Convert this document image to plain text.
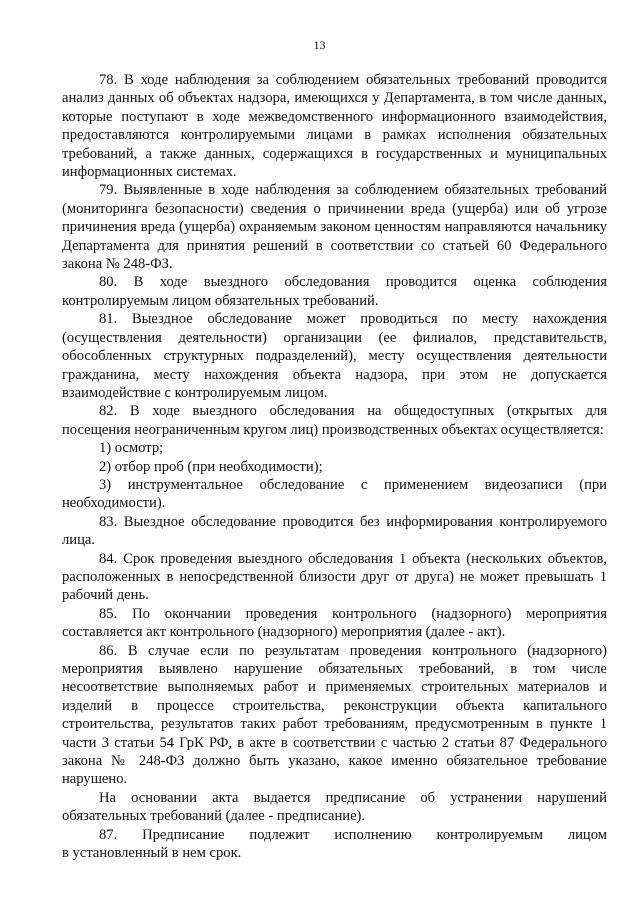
13

78. В ходе наблюдения за соблюдением обязательных требований проводится анализ данных об объектах надзора, имеющихся у Департамента, в том числе данных, которые поступают в ходе межведомственного информационного взаимодействия, предоставляются контролируемыми лицами в рамках исполнения обязательных требований, а также данных, содержащихся в государственных и муниципальных информационных системах.

79. Выявленные в ходе наблюдения за соблюдением обязательных требований (мониторинга безопасности) сведения о причинении вреда (ущерба) или об угрозе причинения вреда (ущерба) охраняемым законом ценностям направляются начальнику Департамента для принятия решений в соответствии со статьей 60 Федерального закона № 248-ФЗ.

80. В ходе выездного обследования проводится оценка соблюдения контролируемым лицом обязательных требований.

81. Выездное обследование может проводиться по месту нахождения (осуществления деятельности) организации (ее филиалов, представительств, обособленных структурных подразделений), месту осуществления деятельности гражданина, месту нахождения объекта надзора, при этом не допускается взаимодействие с контролируемым лицом.

82. В ходе выездного обследования на общедоступных (открытых для посещения неограниченным кругом лиц) производственных объектах осуществляется:

1) осмотр;

2) отбор проб (при необходимости);

3) инструментальное обследование с применением видеозаписи (при необходимости).

83. Выездное обследование проводится без информирования контролируемого лица.

84. Срок проведения выездного обследования 1 объекта (нескольких объектов, расположенных в непосредственной близости друг от друга) не может превышать 1 рабочий день.

85. По окончании проведения контрольного (надзорного) мероприятия составляется акт контрольного (надзорного) мероприятия (далее - акт).

86. В случае если по результатам проведения контрольного (надзорного) мероприятия выявлено нарушение обязательных требований, в том числе несоответствие выполняемых работ и применяемых строительных материалов и изделий в процессе строительства, реконструкции объекта капитального строительства, результатов таких работ требованиям, предусмотренным в пункте 1 части 3 статьи 54 ГрК РФ, в акте в соответствии с частью 2 статьи 87 Федерального закона № 248-ФЗ должно быть указано, какое именно обязательное требование нарушено.

На основании акта выдается предписание об устранении нарушений обязательных требований (далее - предписание).

87. Предписание подлежит исполнению контролируемым лицом

в установленный в нем срок.
